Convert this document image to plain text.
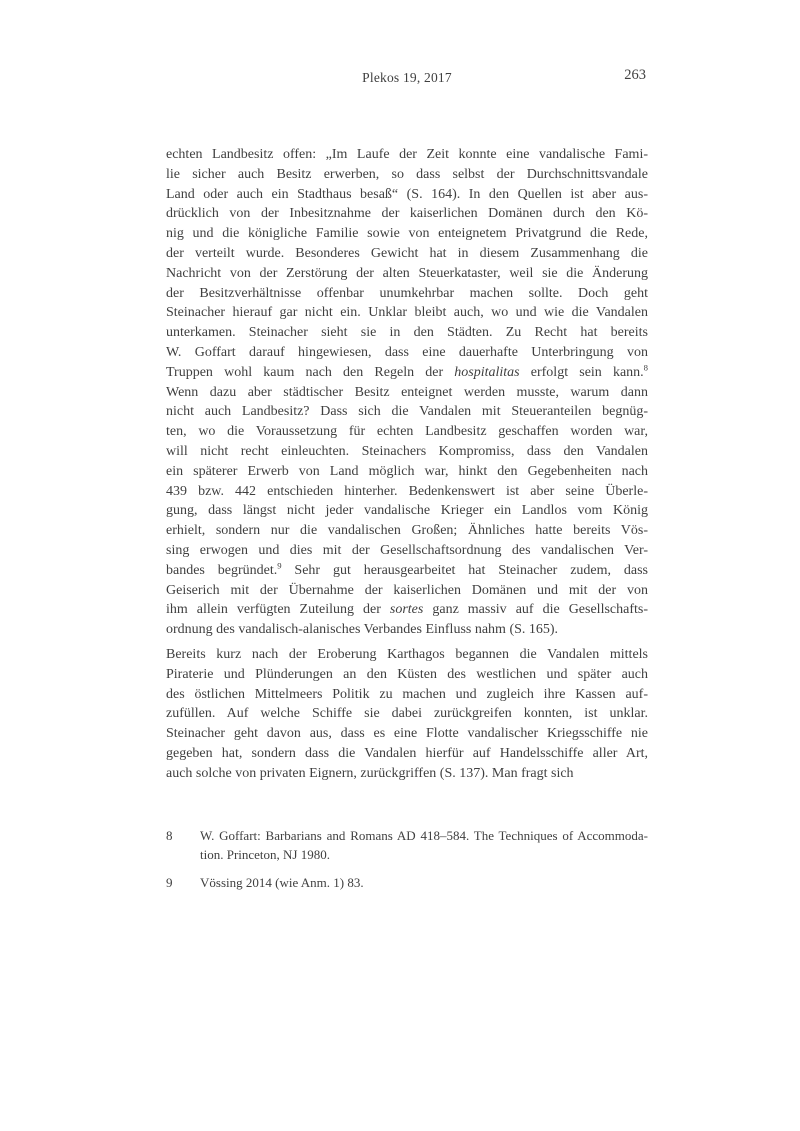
Plekos 19, 2017	263
echten Landbesitz offen: „Im Laufe der Zeit konnte eine vandalische Fami-
lie sicher auch Besitz erwerben, so dass selbst der Durchschnittsvandale
Land oder auch ein Stadthaus besaß“ (S. 164). In den Quellen ist aber aus-
drücklich von der Inbesitznahme der kaiserlichen Domänen durch den Kö-
nig und die königliche Familie sowie von enteignetem Privatgrund die Rede,
der verteilt wurde. Besonderes Gewicht hat in diesem Zusammenhang die
Nachricht von der Zerstörung der alten Steuerkataster, weil sie die Änderung
der Besitzverhältnisse offenbar unumkehrbar machen sollte. Doch geht
Steinacher hierauf gar nicht ein. Unklar bleibt auch, wo und wie die Vandalen
unterkamen. Steinacher sieht sie in den Städten. Zu Recht hat bereits
W. Goffart darauf hingewiesen, dass eine dauerhafte Unterbringung von
Truppen wohl kaum nach den Regeln der hospitalitas erfolgt sein kann.$^8$
Wenn dazu aber städtischer Besitz enteignet werden musste, warum dann
nicht auch Landbesitz? Dass sich die Vandalen mit Steueranteilen begnüg-
ten, wo die Voraussetzung für echten Landbesitz geschaffen worden war,
will nicht recht einleuchten. Steinachers Kompromiss, dass den Vandalen
ein späterer Erwerb von Land möglich war, hinkt den Gegebenheiten nach
439 bzw. 442 entschieden hinterher. Bedenkenswert ist aber seine Überle-
gung, dass längst nicht jeder vandalische Krieger ein Landlos vom König
erhielt, sondern nur die vandalischen Großen; Ähnliches hatte bereits Vös-
sing erwogen und dies mit der Gesellschaftsordnung des vandalischen Ver-
bandes begründet.$^9$ Sehr gut herausgearbeitet hat Steinacher zudem, dass
Geiserich mit der Übernahme der kaiserlichen Domänen und mit der von
ihm allein verfügten Zuteilung der sortes ganz massiv auf die Gesellschafts-
ordnung des vandalisch-alanisches Verbandes Einfluss nahm (S. 165).
Bereits kurz nach der Eroberung Karthagos begannen die Vandalen mittels
Piraterie und Plünderungen an den Küsten des westlichen und später auch
des östlichen Mittelmeers Politik zu machen und zugleich ihre Kassen auf-
zufüllen. Auf welche Schiffe sie dabei zurückgreifen konnten, ist unklar.
Steinacher geht davon aus, dass es eine Flotte vandalischer Kriegsschiffe nie
gegeben hat, sondern dass die Vandalen hierfür auf Handelsschiffe aller Art,
auch solche von privaten Eignern, zurückgriffen (S. 137). Man fragt sich
8	W. Goffart: Barbarians and Romans AD 418–584. The Techniques of Accommoda-
tion. Princeton, NJ 1980.
9	Vössing 2014 (wie Anm. 1) 83.
